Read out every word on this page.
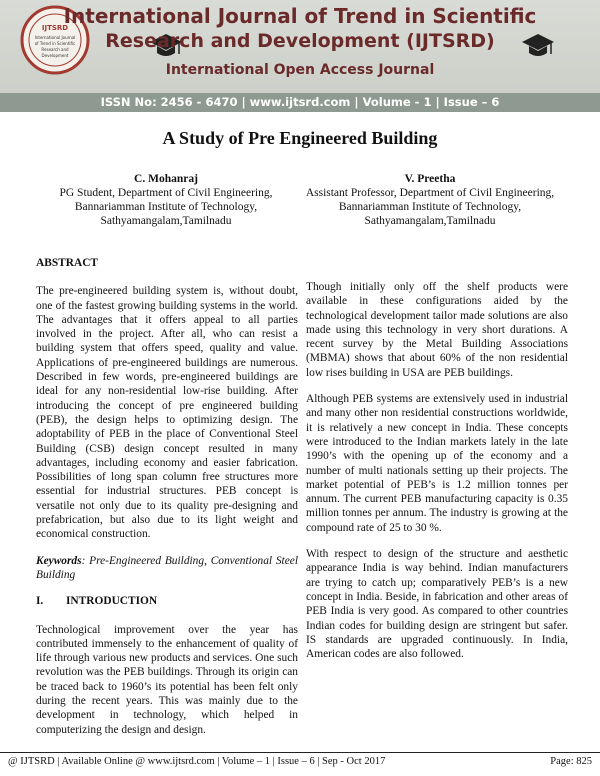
IJTSRD
International Journal
of Trend in Scientific
Research and
Development
International Journal of Trend in Scientific
Research and Development (IJTSRD)
International Open Access Journal
ISSN No: 2456 - 6470 | www.ijtsrd.com | Volume - 1 | Issue – 6
A Study of Pre Engineered Building
C. Mohanraj
PG Student, Department of Civil Engineering,
Bannariamman Institute of Technology,
Sathyamangalam,Tamilnadu
V. Preetha
Assistant Professor, Department of Civil Engineering,
Bannariamman Institute of Technology,
Sathyamangalam,Tamilnadu
ABSTRACT

The pre-engineered building system is, without doubt, one of the fastest growing building systems in the world. The advantages that it offers appeal to all parties involved in the project. After all, who can resist a building system that offers speed, quality and value. Applications of pre-engineered buildings are numerous. Described in few words, pre-engineered buildings are ideal for any non-residential low-rise building. After introducing the concept of pre engineered building (PEB), the design helps to optimizing design. The adoptability of PEB in the place of Conventional Steel Building (CSB) design concept resulted in many advantages, including economy and easier fabrication. Possibilities of long span column free structures more essential for industrial structures. PEB concept is versatile not only due to its quality pre-designing and prefabrication, but also due to its light weight and economical construction.

Keywords: Pre-Engineered Building, Conventional Steel Building

I. INTRODUCTION

Technological improvement over the year has contributed immensely to the enhancement of quality of life through various new products and services. One such revolution was the PEB buildings. Through its origin can be traced back to 1960’s its potential has been felt only during the recent years. This was mainly due to the development in technology, which helped in computerizing the design and design.

Though initially only off the shelf products were available in these configurations aided by the technological development tailor made solutions are also made using this technology in very short durations. A recent survey by the Metal Building Associations (MBMA) shows that about 60% of the non residential low rises building in USA are PEB buildings.

Although PEB systems are extensively used in industrial and many other non residential constructions worldwide, it is relatively a new concept in India. These concepts were introduced to the Indian markets lately in the late 1990’s with the opening up of the economy and a number of multi nationals setting up their projects. The market potential of PEB’s is 1.2 million tonnes per annum. The current PEB manufacturing capacity is 0.35 million tonnes per annum. The industry is growing at the compound rate of 25 to 30 %.

With respect to design of the structure and aesthetic appearance India is way behind. Indian manufacturers are trying to catch up; comparatively PEB’s is a new concept in India. Beside, in fabrication and other areas of PEB India is very good. As compared to other countries Indian codes for building design are stringent but safer. IS standards are upgraded continuously. In India, American codes are also followed.

@ IJTSRD | Available Online @ www.ijtsrd.com | Volume – 1 | Issue – 6 | Sep - Oct 2017	Page: 825
